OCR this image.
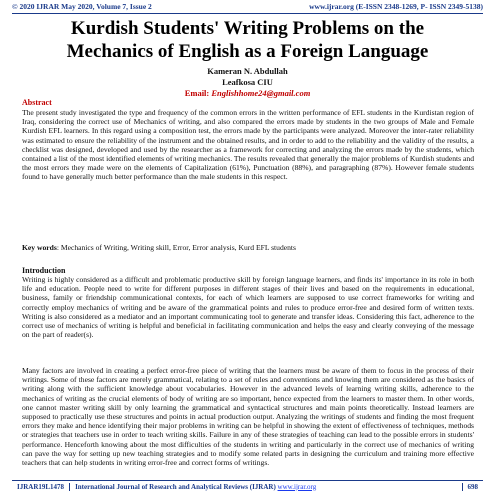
© 2020 IJRAR May 2020, Volume 7, Issue 2	www.ijrar.org (E-ISSN 2348-1269, P- ISSN 2349-5138)
Kurdish Students' Writing Problems on the
Mechanics of English as a Foreign Language
Kameran N. Abdullah
Leafkosa CIU
Email: Englishhome24@gmail.com
Abstract

The present study investigated the type and frequency of the common errors in the written performance of EFL students in the Kurdistan region of Iraq, considering the correct use of Mechanics of writing, and also compared the errors made by students in the two groups of Male and Female Kurdish EFL learners. In this regard using a composition test, the errors made by the participants were analyzed. Moreover the inter-rater reliability was estimated to ensure the reliability of the instrument and the obtained results, and in order to add to the reliability and the validity of the results, a checklist was designed, developed and used by the researcher as a framework for correcting and analyzing the errors made by the students, which contained a list of the most identified elements of writing mechanics. The results revealed that generally the major problems of Kurdish students and the most errors they made were on the elements of Capitalization (61%), Punctuation (88%), and paragraphing (87%). However female students found to have generally much better performance than the male students in this respect.

Key words: Mechanics of Writing, Writing skill, Error, Error analysis, Kurd EFL students

Introduction

Writing is highly considered as a difficult and problematic productive skill by foreign language learners, and finds its' importance in its role in both life and education. People need to write for different purposes in different stages of their lives and based on the requirements in educational, business, family or friendship communicational contexts, for each of which learners are supposed to use correct frameworks for writing and correctly employ mechanics of writing and be aware of the grammatical points and rules to produce error-free and desired form of written texts. Writing is also considered as a mediator and an important communicating tool to generate and transfer ideas. Considering this fact, adherence to the correct use of mechanics of writing is helpful and beneficial in facilitating communication and helps the easy and clearly conveying of the message on the part of reader(s).

Many factors are involved in creating a perfect error-free piece of writing that the learners must be aware of them to focus in the process of their writings. Some of these factors are merely grammatical, relating to a set of rules and conventions and knowing them are considered as the basics of writing along with the sufficient knowledge about vocabularies. However in the advanced levels of learning writing skills, adherence to the mechanics of writing as the crucial elements of body of writing are so important, hence expected from the learners to master them. In other words, one cannot master writing skill by only learning the grammatical and syntactical structures and main points theoretically. Instead learners are supposed to practically use these structures and points in actual production output. Analyzing the writings of students and finding the most frequent errors they make and hence identifying their major problems in writing can be helpful in showing the extent of effectiveness of techniques, methods or strategies that teachers use in order to teach writing skills. Failure in any of these strategies of teaching can lead to the possible errors in students' performance. Henceforth knowing about the most difficulties of the students in writing and particularly in the correct use of mechanics of writing can pave the way for setting up new teaching strategies and to modify some related parts in designing the curriculum and training more effective teachers that can help students in writing error-free and correct forms of writings.

IJRAR19L1478	International Journal of Research and Analytical Reviews (IJRAR) www.ijrar.org	698
